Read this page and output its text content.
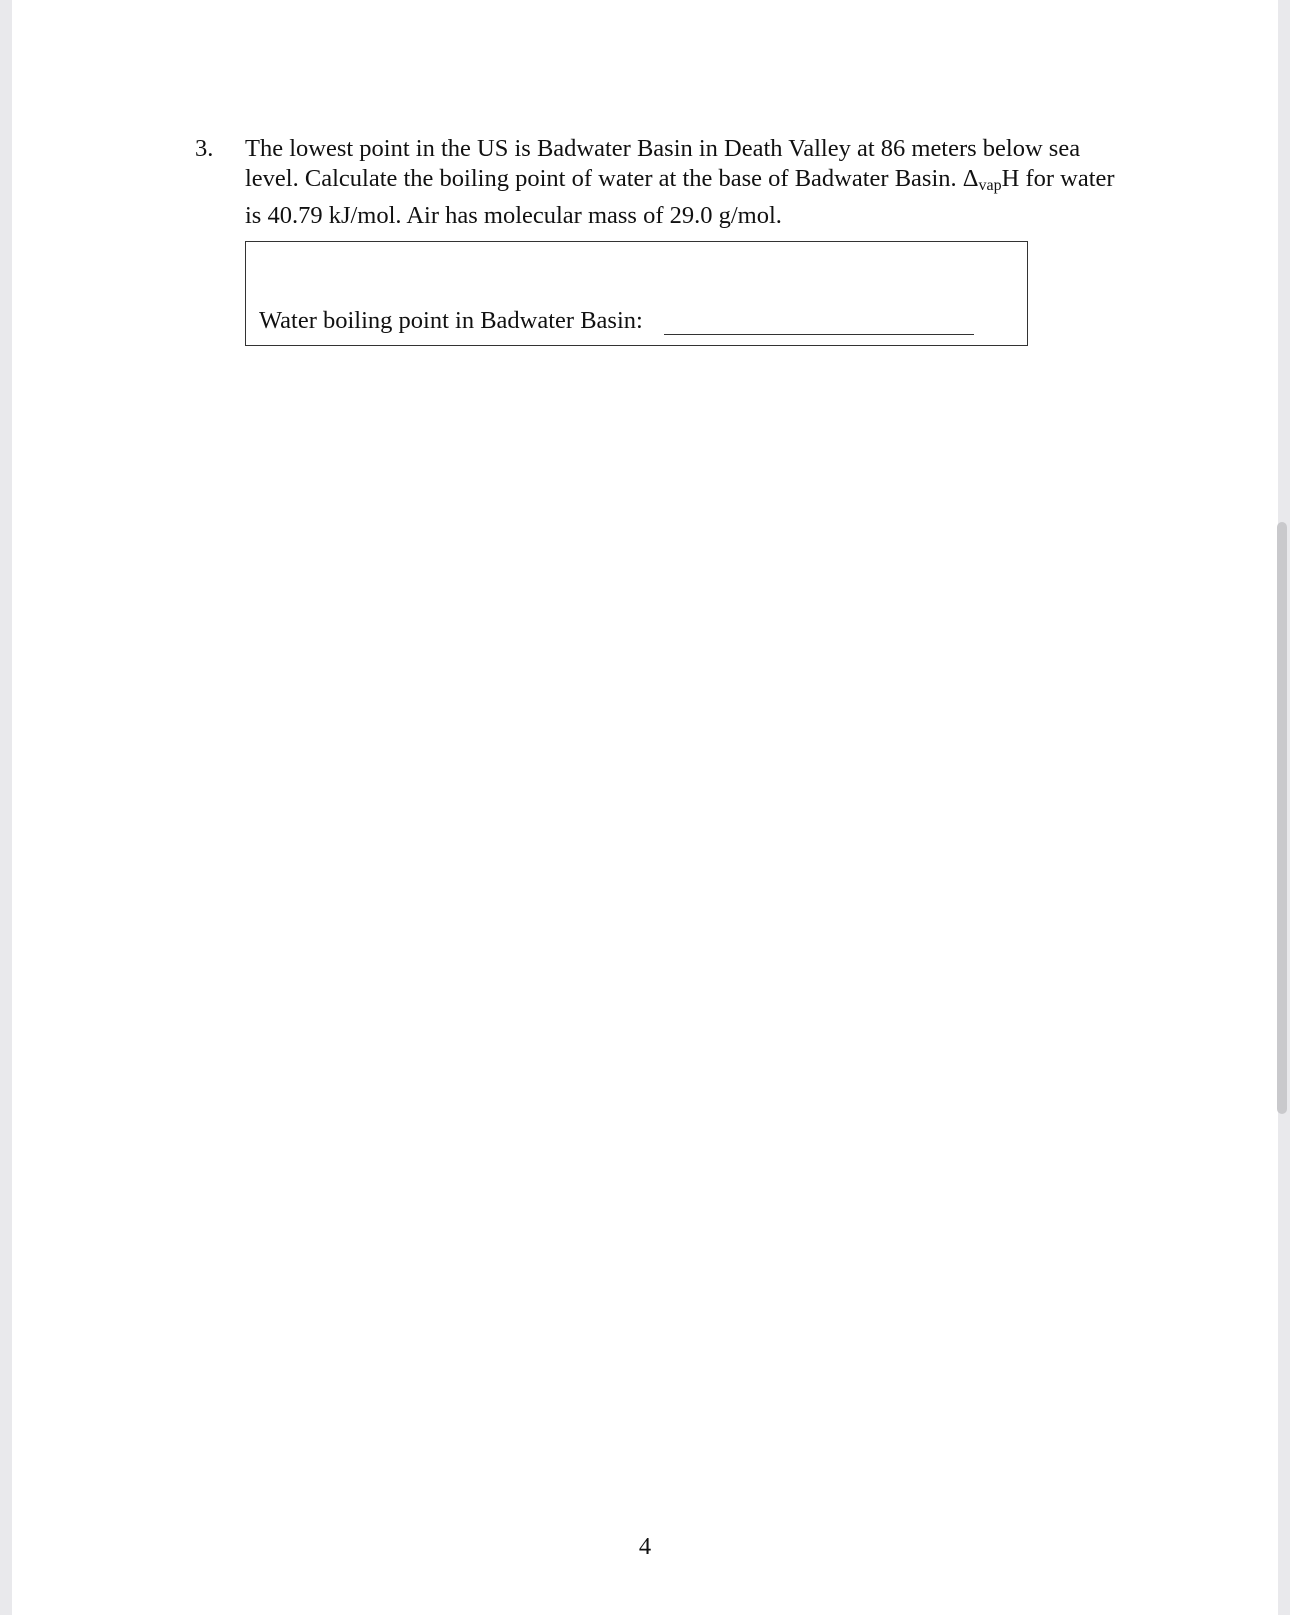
3. The lowest point in the US is Badwater Basin in Death Valley at 86 meters below sea
level. Calculate the boiling point of water at the base of Badwater Basin. $\Delta_{vap}H$ for water
is 40.79 kJ/mol. Air has molecular mass of 29.0 g/mol.
Water boiling point in Badwater Basin:
4
